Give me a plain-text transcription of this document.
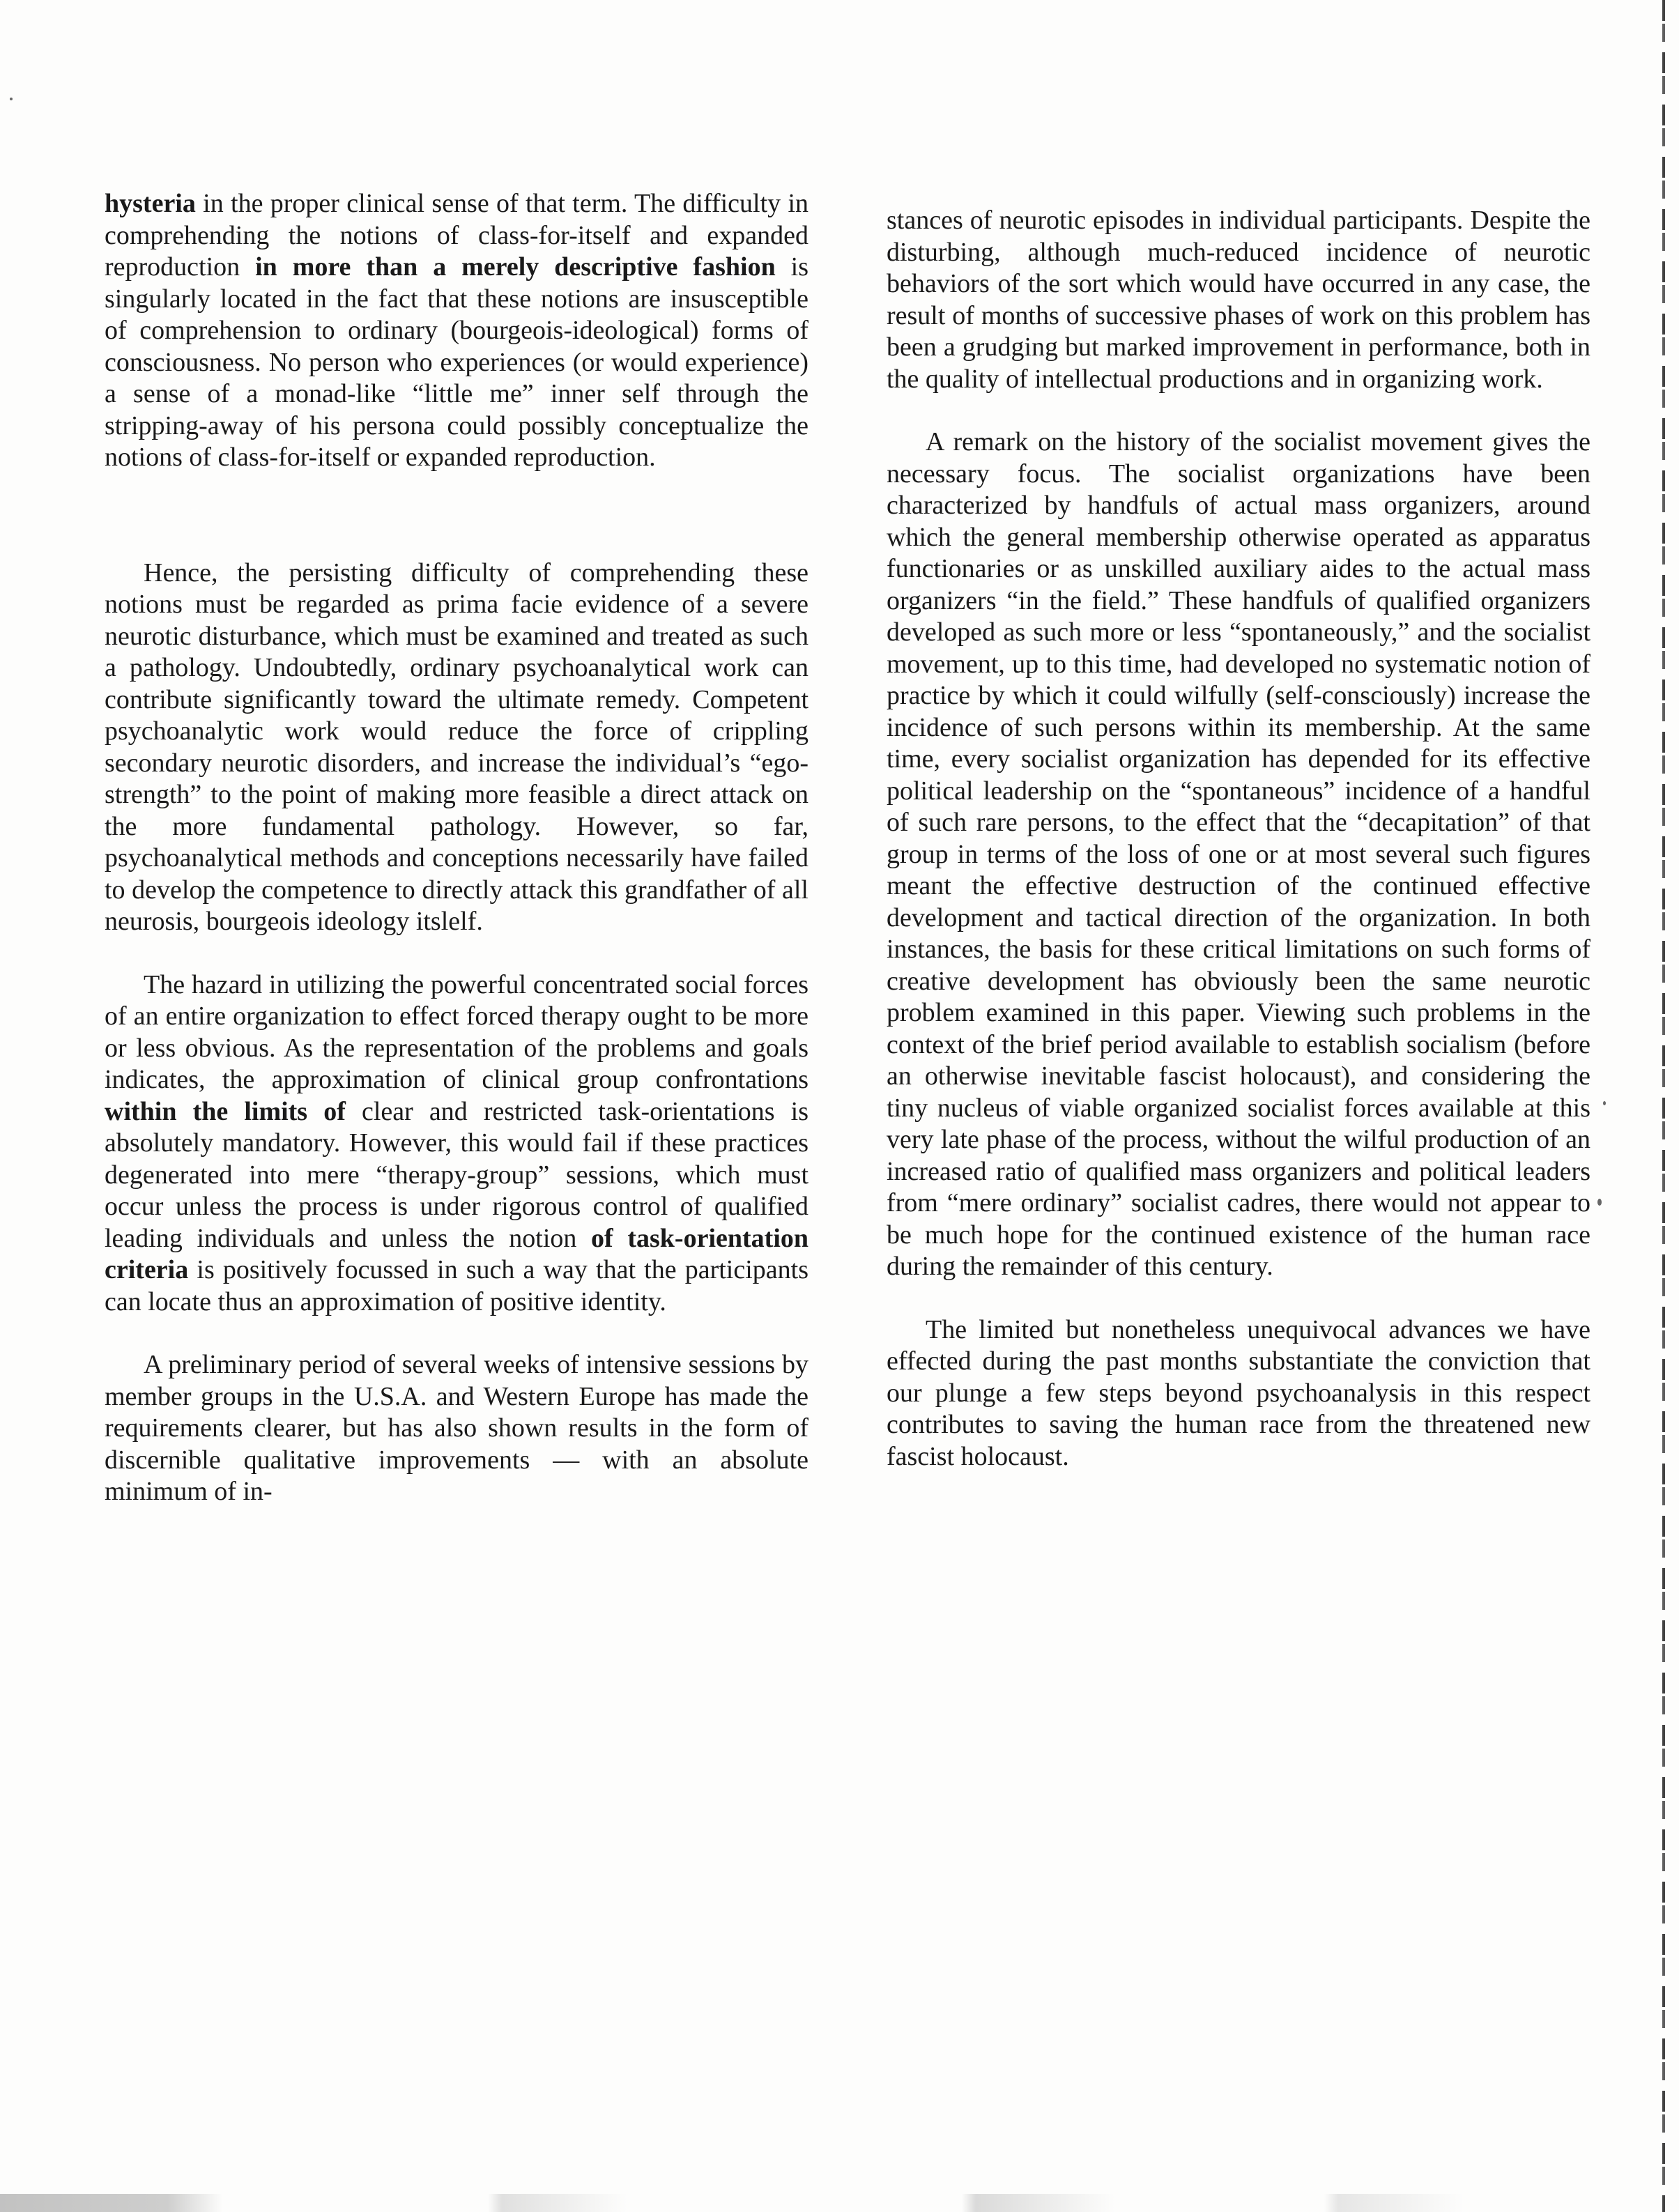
hysteria in the proper clinical sense of that term. The difficulty in comprehending the notions of class-for-itself and expanded reproduction in more than a merely descriptive fashion is singularly located in the fact that these notions are insusceptible of comprehension to ordinary (bourgeois-ideological) forms of consciousness. No person who experiences (or would experience) a sense of a monad-like “little me” inner self through the stripping-away of his persona could possibly conceptualize the notions of class-for-itself or expanded reproduction.

Hence, the persisting difficulty of comprehending these notions must be regarded as prima facie evidence of a severe neurotic disturbance, which must be examined and treated as such a pathology. Undoubtedly, ordinary psychoanalytical work can contribute significantly toward the ultimate remedy. Competent psychoanalytic work would reduce the force of crippling secondary neurotic disorders, and increase the individual’s “ego-strength” to the point of making more feasible a direct attack on the more fundamental pathology. However, so far, psychoanalytical methods and conceptions necessarily have failed to develop the competence to directly attack this grandfather of all neurosis, bourgeois ideology itslelf.

The hazard in utilizing the powerful concentrated social forces of an entire organization to effect forced therapy ought to be more or less obvious. As the representation of the problems and goals indicates, the approximation of clinical group confrontations within the limits of clear and restricted task-orientations is absolutely mandatory. However, this would fail if these practices degenerated into mere “therapy-group” sessions, which must occur unless the process is under rigorous control of qualified leading individuals and unless the notion of task-orientation criteria is positively focussed in such a way that the participants can locate thus an approximation of positive identity.

A preliminary period of several weeks of intensive sessions by member groups in the U.S.A. and Western Europe has made the requirements clearer, but has also shown results in the form of discernible qualitative improvements — with an absolute minimum of in-

stances of neurotic episodes in individual participants. Despite the disturbing, although much-reduced incidence of neurotic behaviors of the sort which would have occurred in any case, the result of months of successive phases of work on this problem has been a grudging but marked improvement in performance, both in the quality of intellectual productions and in organizing work.

A remark on the history of the socialist movement gives the necessary focus. The socialist organizations have been characterized by handfuls of actual mass organizers, around which the general membership otherwise operated as apparatus functionaries or as unskilled auxiliary aides to the actual mass organizers “in the field.” These handfuls of qualified organizers developed as such more or less “spontaneously,” and the socialist movement, up to this time, had developed no systematic notion of practice by which it could wilfully (self-consciously) increase the incidence of such persons within its membership. At the same time, every socialist organization has depended for its effective political leadership on the “spontaneous” incidence of a handful of such rare persons, to the effect that the “decapitation” of that group in terms of the loss of one or at most several such figures meant the effective destruction of the continued effective development and tactical direction of the organization. In both instances, the basis for these critical limitations on such forms of creative development has obviously been the same neurotic problem examined in this paper. Viewing such problems in the context of the brief period available to establish socialism (before an otherwise inevitable fascist holocaust), and considering the tiny nucleus of viable organized socialist forces available at this very late phase of the process, without the wilful production of an increased ratio of qualified mass organizers and political leaders from “mere ordinary” socialist cadres, there would not appear to be much hope for the continued existence of the human race during the remainder of this century.

The limited but nonetheless unequivocal advances we have effected during the past months substantiate the conviction that our plunge a few steps beyond psychoanalysis in this respect contributes to saving the human race from the threatened new fascist holocaust.
